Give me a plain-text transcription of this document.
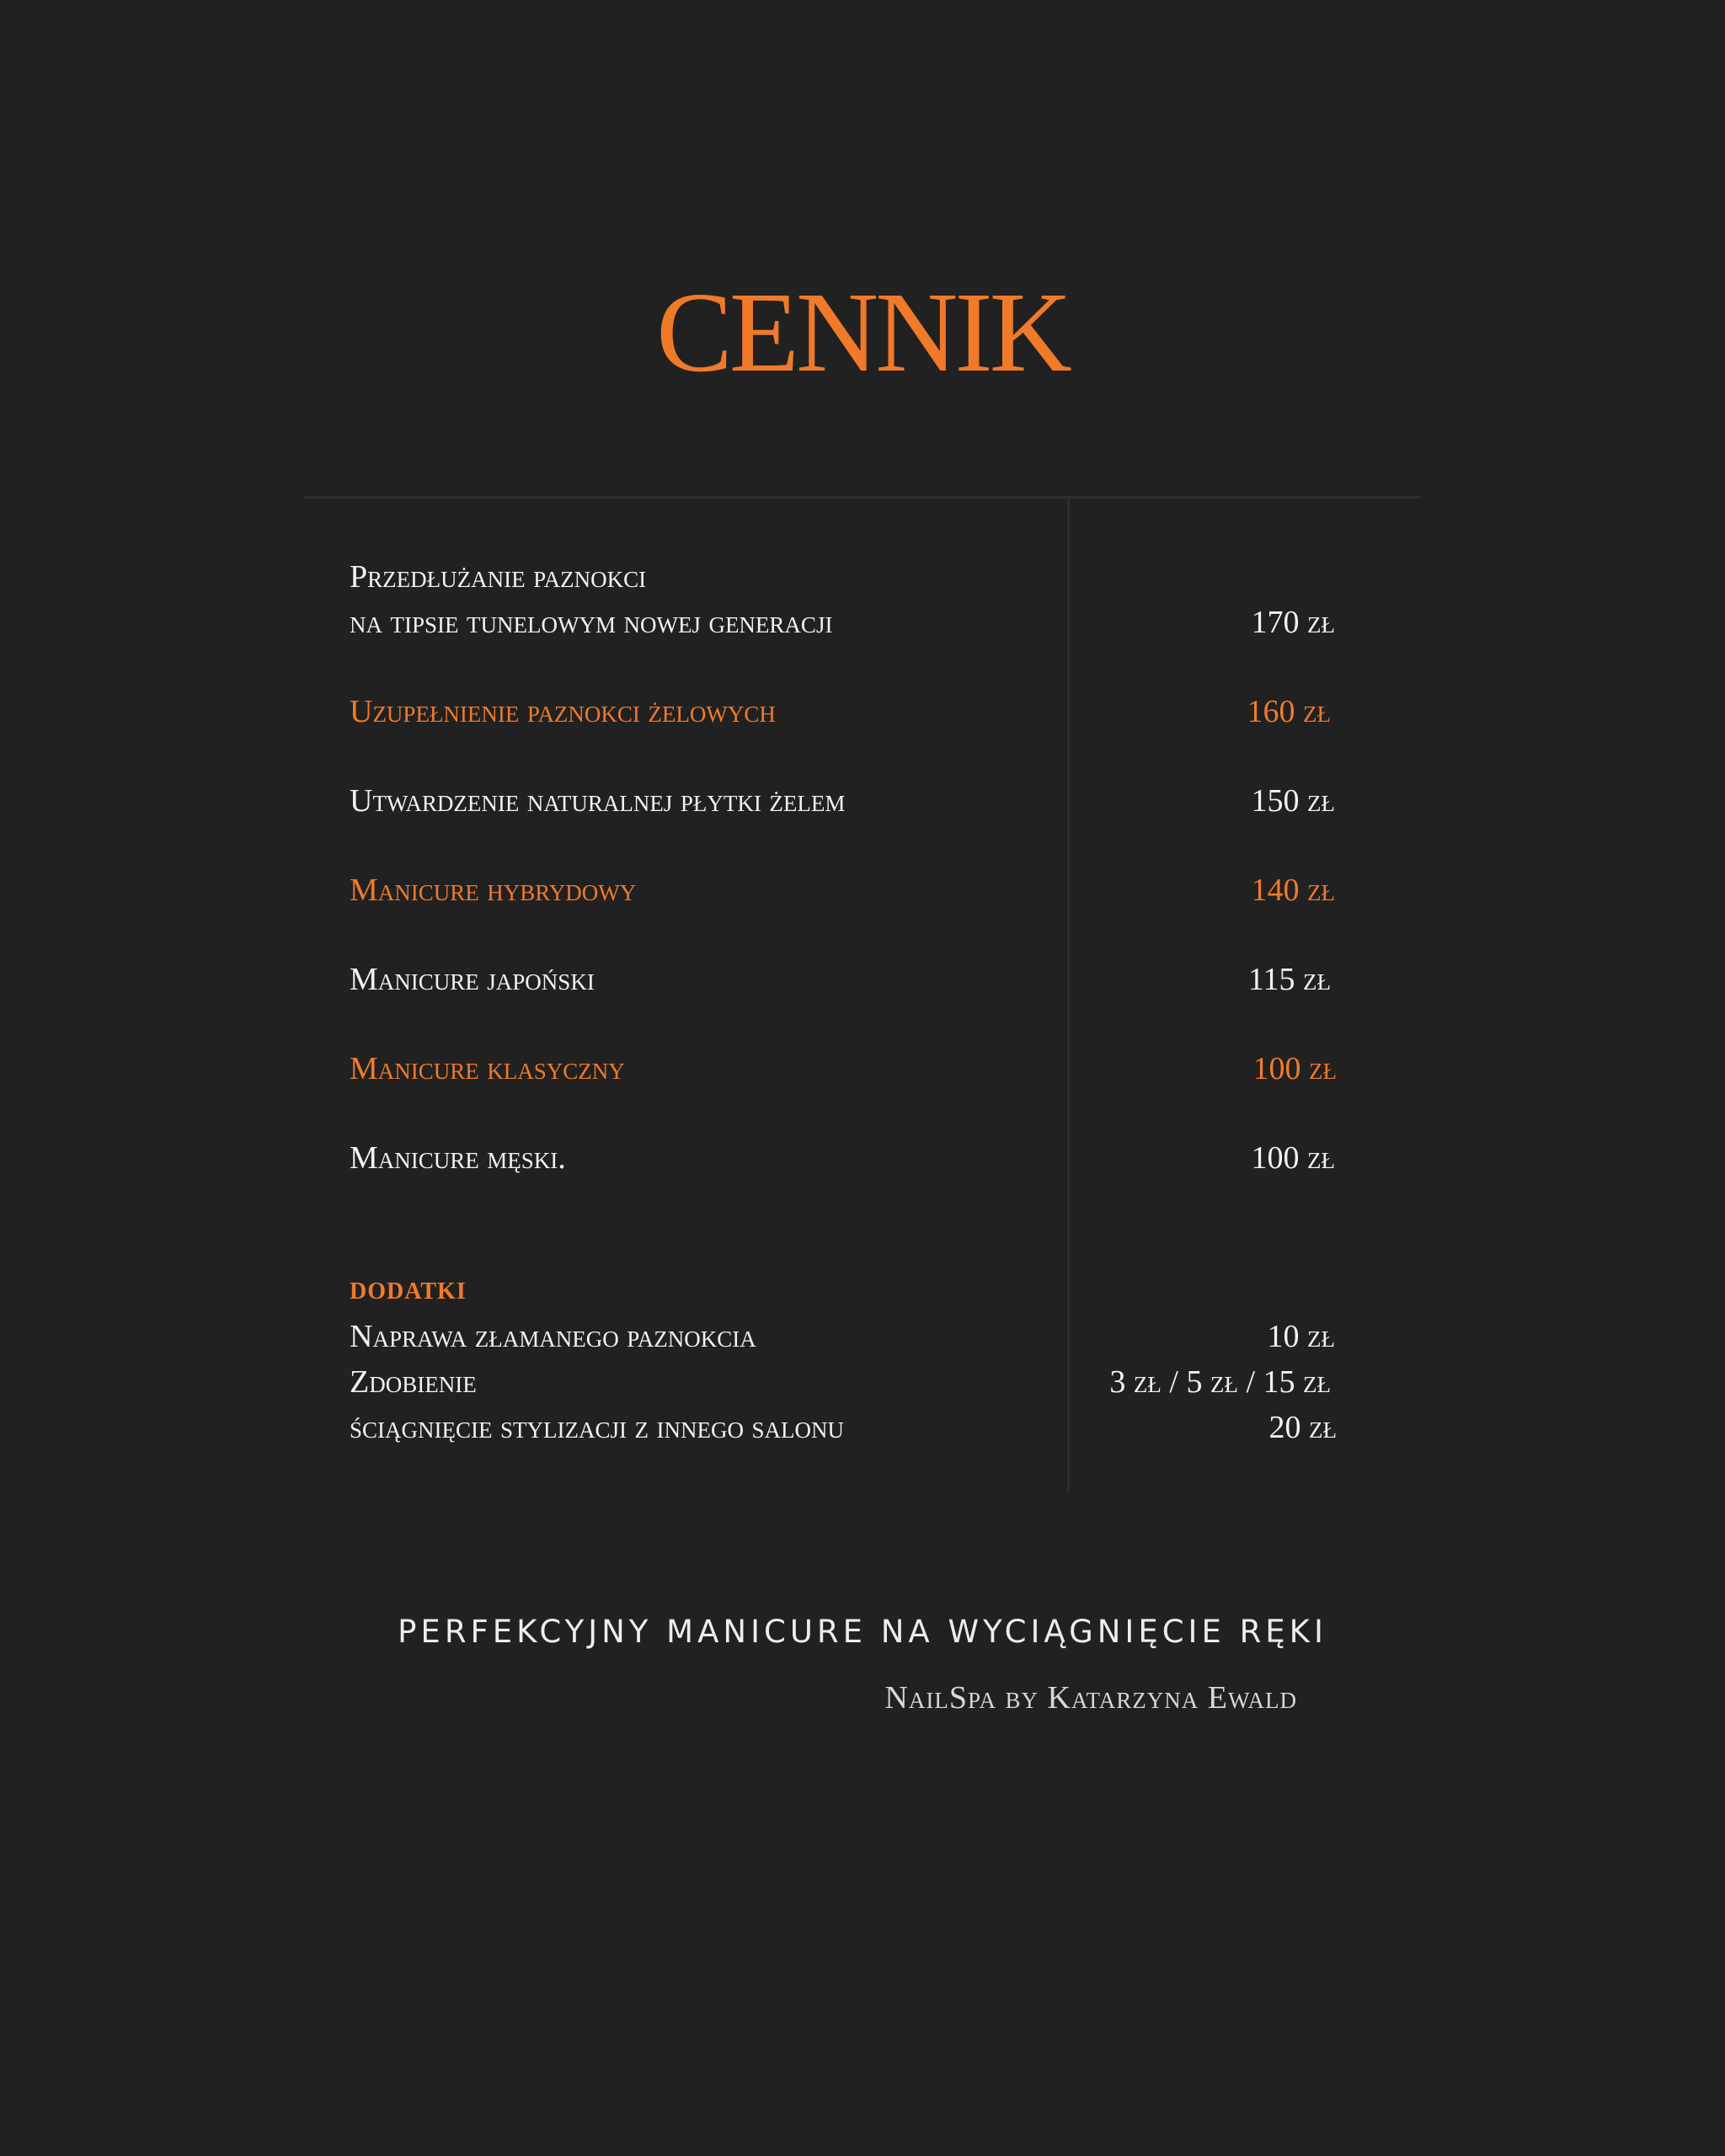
CENNIK
Przedłużanie paznokci
na tipsie tunelowym nowej generacji	170 zł
Uzupełnienie paznokci żelowych	160 zł
Utwardzenie naturalnej płytki żelem	150 zł
Manicure hybrydowy	140 zł
Manicure japoński	115 zł
Manicure klasyczny	100 zł
Manicure męski.	100 zł
DODATKI
Naprawa złamanego paznokcia	10 zł
Zdobienie	3 zł / 5 zł / 15 zł
ściągnięcie stylizacji z innego salonu	20 zł
PERFEKCYJNY MANICURE NA WYCIĄGNIĘCIE RĘKI
NailSpa by Katarzyna Ewald
